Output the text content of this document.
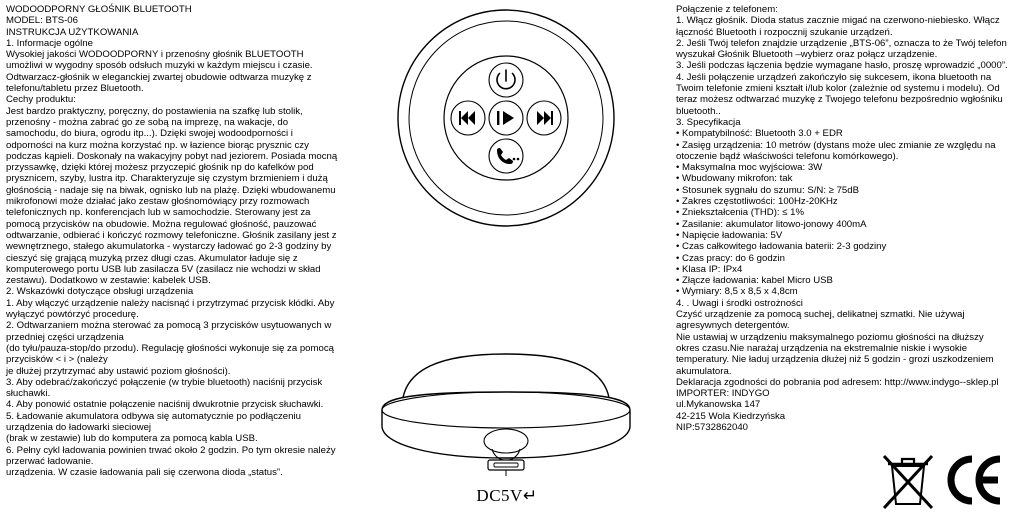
WODOODPORNY GŁOŚNIK BLUETOOTH

MODEL: BTS-06

INSTRUKCJA UŻYTKOWANIA

1. Informacje ogólne

Wysokiej jakości WODOODPORNY i przenośny głośnik BLUETOOTH umożliwi w wygodny sposób odsłuch muzyki w każdym miejscu i czasie. Odtwarzacz-głośnik w eleganckiej zwartej obudowie odtwarza muzykę z telefonu/tabletu przez Bluetooth.

Cechy produktu:

Jest bardzo praktyczny, poręczny, do postawienia na szafkę lub stolik, przenośny - można zabrać go ze sobą na imprezę, na wakacje, do samochodu, do biura, ogrodu itp...). Dzięki swojej wodoodporności i odporności na kurz można korzystać np. w łazience biorąc prysznic czy podczas kąpieli. Doskonały na wakacyjny pobyt nad jeziorem. Posiada mocną przyssawkę, dzięki której możesz przyczepić głośnik np do kafelków pod prysznicem, szyby, lustra itp. Charakteryzuje się czystym brzmieniem i dużą głośnością - nadaje się na biwak, ognisko lub na plażę. Dzięki wbudowanemu mikrofonowi może działać jako zestaw głośnomówiący przy rozmowach telefonicznych np. konferencjach lub w samochodzie. Sterowany jest za pomocą przycisków na obudowie. Można regulować głośność, pauzować odtwarzanie, odbierać i kończyć rozmowy telefoniczne. Głośnik zasilany jest z wewnętrznego, stałego akumulatorka - wystarczy ładować go 2-3 godziny by cieszyć się grającą muzyką przez długi czas. Akumulator ładuje się z komputerowego portu USB lub zasilacza 5V (zasilacz nie wchodzi w skład zestawu). Dodatkowo w zestawie: kabelek USB.

2. Wskazówki dotyczące obsługi urządzenia

1. Aby włączyć urządzenie należy nacisnąć i przytrzymać przycisk kłódki. Aby wyłączyć powtórzyć procedurę.

2. Odtwarzaniem można sterować za pomocą 3 przycisków usytuowanych w przedniej części urządzenia

(do tyłu/pauza-stop/do przodu). Regulację głośności wykonuje się za pomocą przycisków < i > (należy

je dłużej przytrzymać aby ustawić poziom głośności).

3. Aby odebrać/zakończyć połączenie (w trybie bluetooth) naciśnij przycisk słuchawki.

4. Aby ponowić ostatnie połączenie naciśnij dwukrotnie przycisk słuchawki.

5. Ładowanie akumulatora odbywa się automatycznie po podłączeniu urządzenia do ładowarki sieciowej

(brak w zestawie) lub do komputera za pomocą kabla USB.

6. Pełny cykl ładowania powinien trwać około 2 godzin. Po tym okresie należy przerwać ładowanie.

urządzenia. W czasie ładowania pali się czerwona dioda „status”.

DC5V↵

Połączenie z telefonem:

1. Włącz głośnik. Dioda status zacznie migać na czerwono-niebiesko. Włącz łączność Bluetooth i rozpocznij szukanie urządzeń.

2. Jeśli Twój telefon znajdzie urządzenie „BTS-06”, oznacza to że Twój telefon wyszukał Głośnik Bluetooth –wybierz oraz połącz urządzenie.

3. Jeśli podczas łączenia będzie wymagane hasło, proszę wprowadzić „0000”.

4. Jeśli połączenie urządzeń zakończyło się sukcesem, ikona bluetooth na Twoim telefonie zmieni kształt i/lub kolor (zależnie od systemu i modelu). Od teraz możesz odtwarzać muzykę z Twojego telefonu bezpośrednio wgłośniku bluetooth..

3. Specyfikacja

• Kompatybilność: Bluetooth 3.0 + EDR

• Zasięg urządzenia: 10 metrów (dystans może ulec zmianie ze względu na otoczenie bądź właściwości telefonu komórkowego).

• Maksymalna moc wyjściowa: 3W

• Wbudowany mikrofon: tak

• Stosunek sygnału do szumu: S/N: ≥ 75dB

• Zakres częstotliwości: 100Hz-20KHz

• Zniekształcenia (THD): ≤ 1%

• Zasilanie: akumulator litowo-jonowy 400mA

• Napięcie ładowania: 5V

• Czas całkowitego ładowania baterii: 2-3 godziny

• Czas pracy: do 6 godzin

• Klasa IP: IPx4

• Złącze ładowania: kabel Micro USB

• Wymiary: 8,5 x 8,5 x 4,8cm

4. . Uwagi i środki ostrożności

Czyść urządzenie za pomocą suchej, delikatnej szmatki. Nie używaj agresywnych detergentów.

Nie ustawiaj w urządzeniu maksymalnego poziomu głośności na dłuższy okres czasu.Nie narażaj urządzenia na ekstremalnie niskie i wysokie temperatury. Nie ładuj urządzenia dłużej niż 5 godzin - grozi uszkodzeniem akumulatora.

Deklaracja zgodności do pobrania pod adresem: http://www.indygo--sklep.pl

IMPORTER: INDYGO

ul.Mykanowska 147

42-215 Wola Kiedrzyńska

NIP:5732862040
